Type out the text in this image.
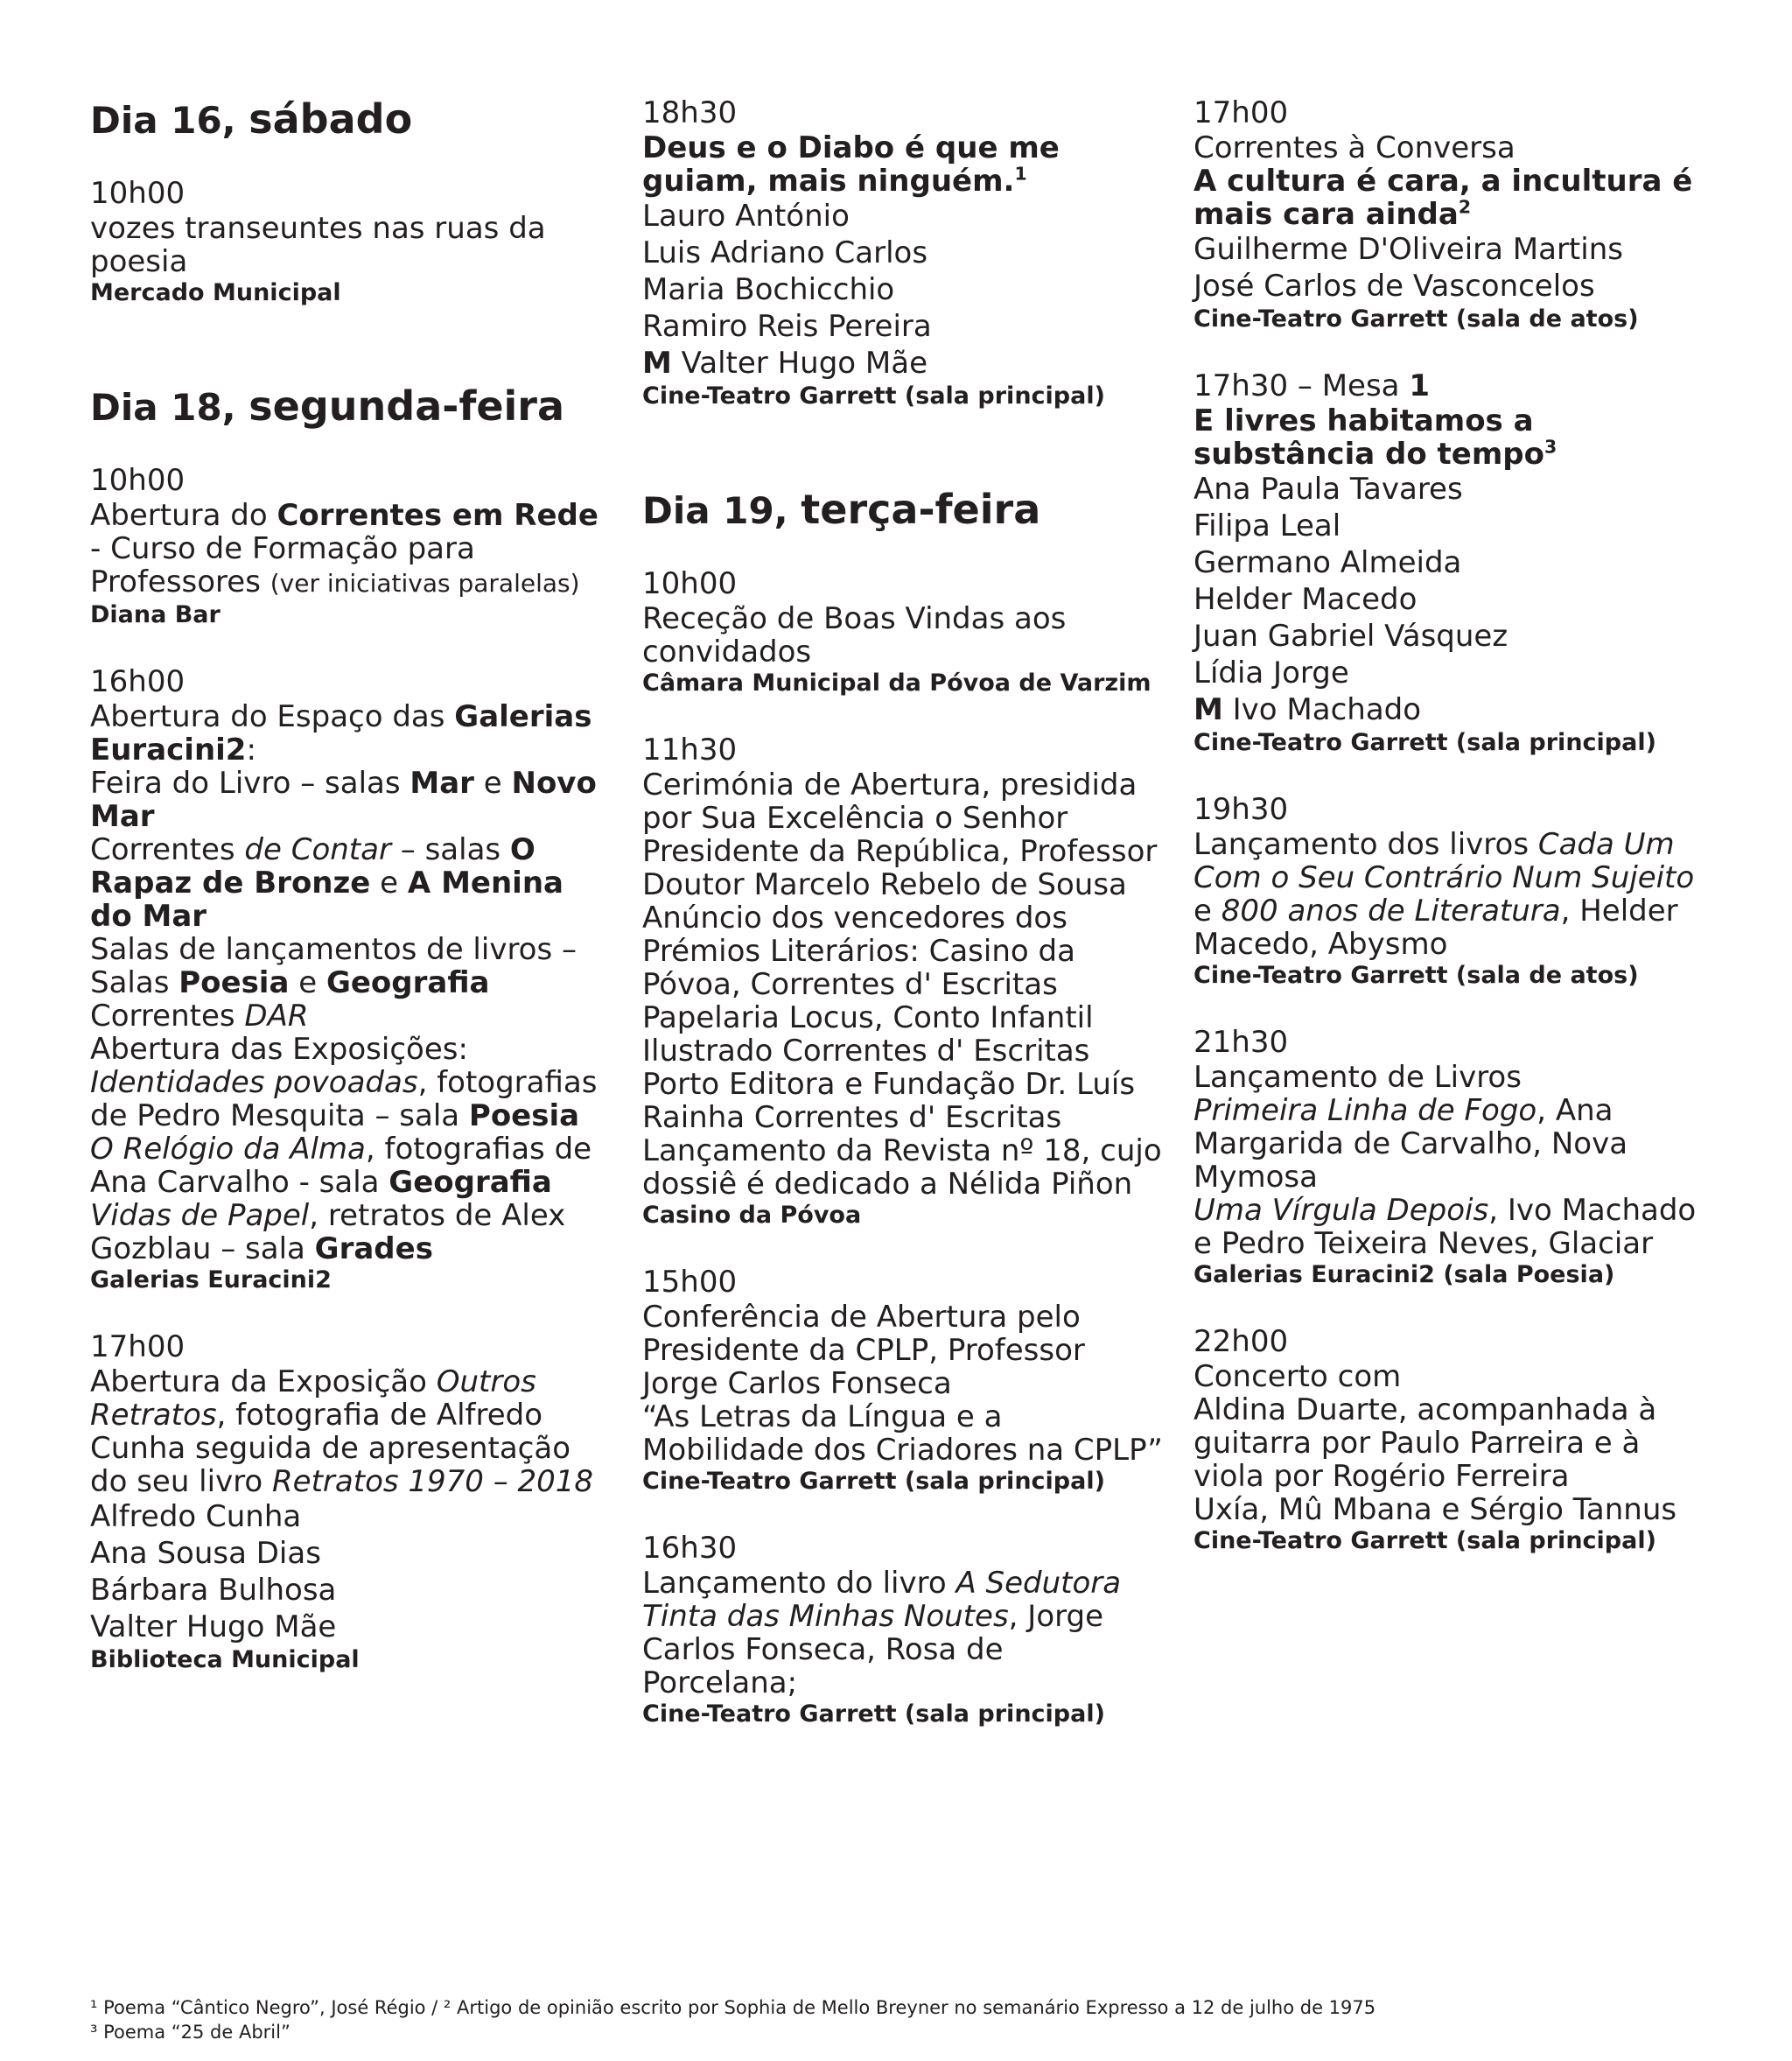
Dia 16, sábado
10h00
vozes transeuntes nas ruas da poesia
Mercado Municipal
Dia 18, segunda-feira
10h00
Abertura do Correntes em Rede - Curso de Formação para Professores (ver iniciativas paralelas)
Diana Bar
16h00
Abertura do Espaço das Galerias Euracini2:
Feira do Livro – salas Mar e Novo Mar
Correntes de Contar – salas O Rapaz de Bronze e A Menina do Mar
Salas de lançamentos de livros – Salas Poesia e Geografia
Correntes DAR
Abertura das Exposições:
Identidades povoadas, fotografias de Pedro Mesquita – sala Poesia
O Relógio da Alma, fotografias de Ana Carvalho - sala Geografia
Vidas de Papel, retratos de Alex Gozblau – sala Grades
Galerias Euracini2
17h00
Abertura da Exposição Outros Retratos, fotografia de Alfredo Cunha seguida de apresentação do seu livro Retratos 1970 – 2018
Alfredo Cunha
Ana Sousa Dias
Bárbara Bulhosa
Valter Hugo Mãe
Biblioteca Municipal
18h30
Deus e o Diabo é que me guiam, mais ninguém.$^1$
Lauro António
Luis Adriano Carlos
Maria Bochicchio
Ramiro Reis Pereira
M Valter Hugo Mãe
Cine-Teatro Garrett (sala principal)
Dia 19, terça-feira
10h00
Receção de Boas Vindas aos convidados
Câmara Municipal da Póvoa de Varzim
11h30
Cerimónia de Abertura, presidida por Sua Excelência o Senhor Presidente da República, Professor Doutor Marcelo Rebelo de Sousa
Anúncio dos vencedores dos Prémios Literários: Casino da Póvoa, Correntes d' Escritas Papelaria Locus, Conto Infantil Ilustrado Correntes d' Escritas Porto Editora e Fundação Dr. Luís Rainha Correntes d' Escritas
Lançamento da Revista nº 18, cujo dossiê é dedicado a Nélida Piñon
Casino da Póvoa
15h00
Conferência de Abertura pelo Presidente da CPLP, Professor Jorge Carlos Fonseca
“As Letras da Língua e a Mobilidade dos Criadores na CPLP”
Cine-Teatro Garrett (sala principal)
16h30
Lançamento do livro A Sedutora Tinta das Minhas Noutes, Jorge Carlos Fonseca, Rosa de Porcelana;
Cine-Teatro Garrett (sala principal)
17h00
Correntes à Conversa
A cultura é cara, a incultura é mais cara ainda$^2$
Guilherme D'Oliveira Martins
José Carlos de Vasconcelos
Cine-Teatro Garrett (sala de atos)
17h30 – Mesa 1
E livres habitamos a substância do tempo$^3$
Ana Paula Tavares
Filipa Leal
Germano Almeida
Helder Macedo
Juan Gabriel Vásquez
Lídia Jorge
M Ivo Machado
Cine-Teatro Garrett (sala principal)
19h30
Lançamento dos livros Cada Um Com o Seu Contrário Num Sujeito e 800 anos de Literatura, Helder Macedo, Abysmo
Cine-Teatro Garrett (sala de atos)
21h30
Lançamento de Livros
Primeira Linha de Fogo, Ana Margarida de Carvalho, Nova Mymosa
Uma Vírgula Depois, Ivo Machado e Pedro Teixeira Neves, Glaciar
Galerias Euracini2 (sala Poesia)
22h00
Concerto com
Aldina Duarte, acompanhada à guitarra por Paulo Parreira e à viola por Rogério Ferreira
Uxía, Mû Mbana e Sérgio Tannus
Cine-Teatro Garrett (sala principal)
¹ Poema “Cântico Negro”, José Régio / ² Artigo de opinião escrito por Sophia de Mello Breyner no semanário Expresso a 12 de julho de 1975
³ Poema “25 de Abril”
